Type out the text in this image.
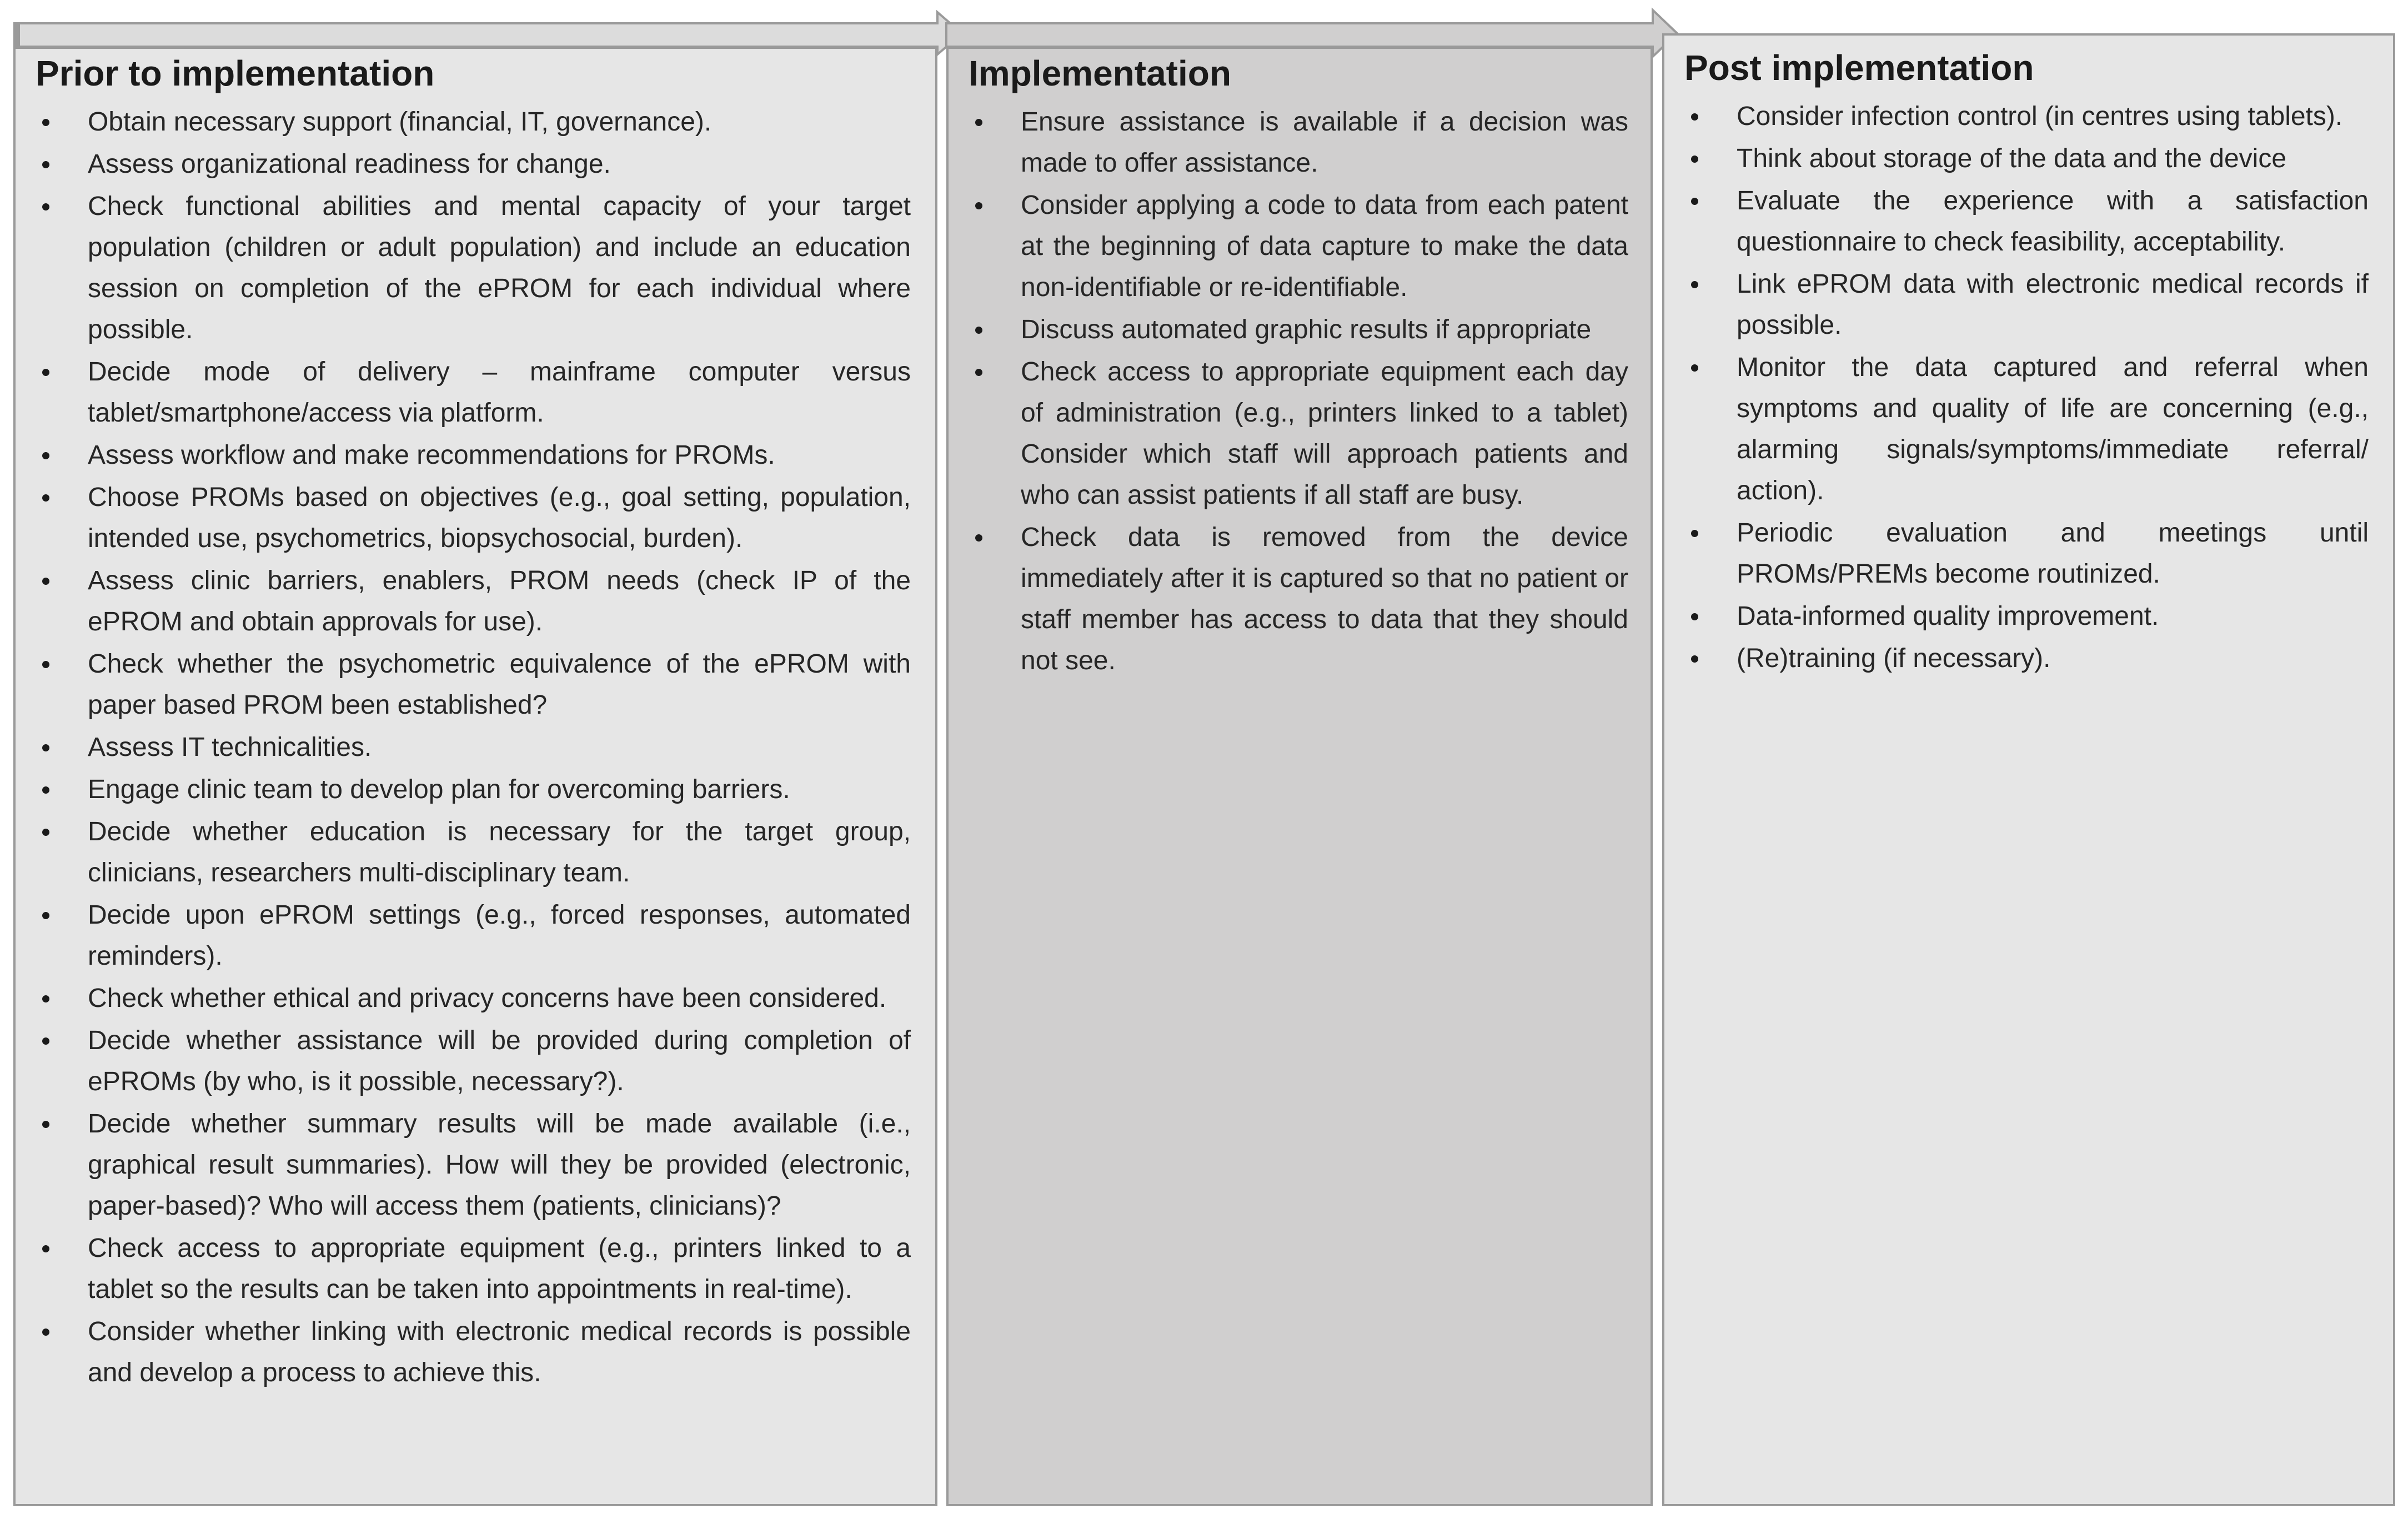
Prior to implementation
Obtain necessary support (financial, IT, governance).
Assess organizational readiness for change.
Check functional abilities and mental capacity of your target population (children or adult population) and include an education session on completion of the ePROM for each individual where possible.
Decide mode of delivery – mainframe computer versus tablet/smartphone/access via platform.
Assess workflow and make recommendations for PROMs.
Choose PROMs based on objectives (e.g., goal setting, population, intended use, psychometrics, biopsychosocial, burden).
Assess clinic barriers, enablers, PROM needs (check IP of the ePROM and obtain approvals for use).
Check whether the psychometric equivalence of the ePROM with paper based PROM been established?
Assess IT technicalities.
Engage clinic team to develop plan for overcoming barriers.
Decide whether education is necessary for the target group, clinicians, researchers multi-disciplinary team.
Decide upon ePROM settings (e.g., forced responses, automated reminders).
Check whether ethical and privacy concerns have been considered.
Decide whether assistance will be provided during completion of ePROMs (by who, is it possible, necessary?).
Decide whether summary results will be made available (i.e., graphical result summaries). How will they be provided (electronic, paper-based)? Who will access them (patients, clinicians)?
Check access to appropriate equipment (e.g., printers linked to a tablet so the results can be taken into appointments in real-time).
Consider whether linking with electronic medical records is possible and develop a process to achieve this.
Implementation
Ensure assistance is available if a decision was made to offer assistance.
Consider applying a code to data from each patent at the beginning of data capture to make the data non-identifiable or re-identifiable.
Discuss automated graphic results if appropriate
Check access to appropriate equipment each day of administration (e.g., printers linked to a tablet) Consider which staff will approach patients and who can assist patients if all staff are busy.
Check data is removed from the device immediately after it is captured so that no patient or staff member has access to data that they should not see.
Post implementation
Consider infection control (in centres using tablets).
Think about storage of the data and the device
Evaluate the experience with a satisfaction questionnaire to check feasibility, acceptability.
Link ePROM data with electronic medical records if possible.
Monitor the data captured and referral when symptoms and quality of life are concerning (e.g., alarming signals/symptoms/immediate referral/ action).
Periodic evaluation and meetings until PROMs/PREMs become routinized.
Data-informed quality improvement.
(Re)training (if necessary).
